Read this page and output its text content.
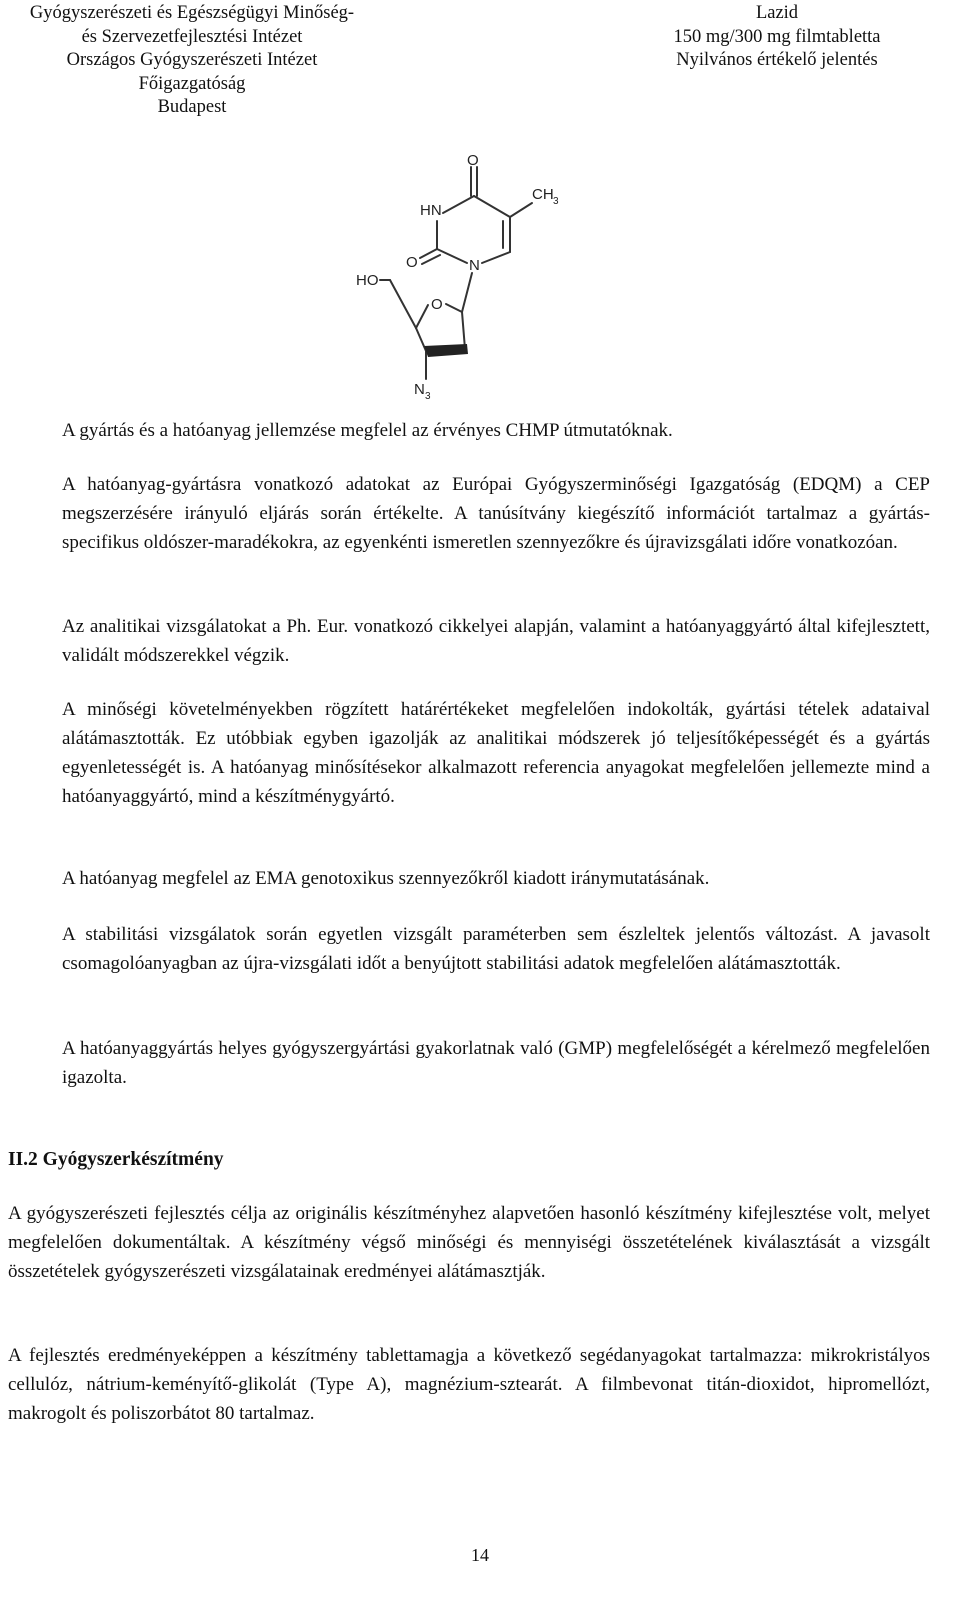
Gyógyszerészeti és Egészségügyi Minőség-
és Szervezetfejlesztési Intézet
Országos Gyógyszerészeti Intézet
Főigazgatóság
Budapest
Lazid
150 mg/300 mg filmtabletta
Nyilvános értékelő jelentés
O
HN
CH 3
O	N
HO
O
N 3
A gyártás és a hatóanyag jellemzése megfelel az érvényes CHMP útmutatóknak.
A hatóanyag-gyártásra vonatkozó adatokat az Európai Gyógyszerminőségi Igazgatóság (EDQM) a CEP megszerzésére irányuló eljárás során értékelte. A tanúsítvány kiegészítő információt tartalmaz a gyártás-specifikus oldószer-maradékokra, az egyenkénti ismeretlen szennyezőkre és újravizsgálati időre vonatkozóan.
Az analitikai vizsgálatokat a Ph. Eur. vonatkozó cikkelyei alapján, valamint a hatóanyaggyártó által kifejlesztett, validált módszerekkel végzik.
A minőségi követelményekben rögzített határértékeket megfelelően indokolták, gyártási tételek adataival alátámasztották. Ez utóbbiak egyben igazolják az analitikai módszerek jó teljesítőképességét és a gyártás egyenletességét is. A hatóanyag minősítésekor alkalmazott referencia anyagokat megfelelően jellemezte mind a hatóanyaggyártó, mind a készítménygyártó.
A hatóanyag megfelel az EMA genotoxikus szennyezőkről kiadott iránymutatásának.
A stabilitási vizsgálatok során egyetlen vizsgált paraméterben sem észleltek jelentős változást. A javasolt csomagolóanyagban az újra-vizsgálati időt a benyújtott stabilitási adatok megfelelően alátámasztották.
A hatóanyaggyártás helyes gyógyszergyártási gyakorlatnak való (GMP) megfelelőségét a kérelmező megfelelően igazolta.
II.2 Gyógyszerkészítmény
A gyógyszerészeti fejlesztés célja az originális készítményhez alapvetően hasonló készítmény kifejlesztése volt, melyet megfelelően dokumentáltak. A készítmény végső minőségi és mennyiségi összetételének kiválasztását a vizsgált összetételek gyógyszerészeti vizsgálatainak eredményei alátámasztják.
A fejlesztés eredményeképpen a készítmény tablettamagja a következő segédanyagokat tartalmazza: mikrokristályos cellulóz, nátrium-keményítő-glikolát (Type A), magnézium-sztearát. A filmbevonat titán-dioxidot, hipromellózt, makrogolt és poliszorbátot 80 tartalmaz.
14
